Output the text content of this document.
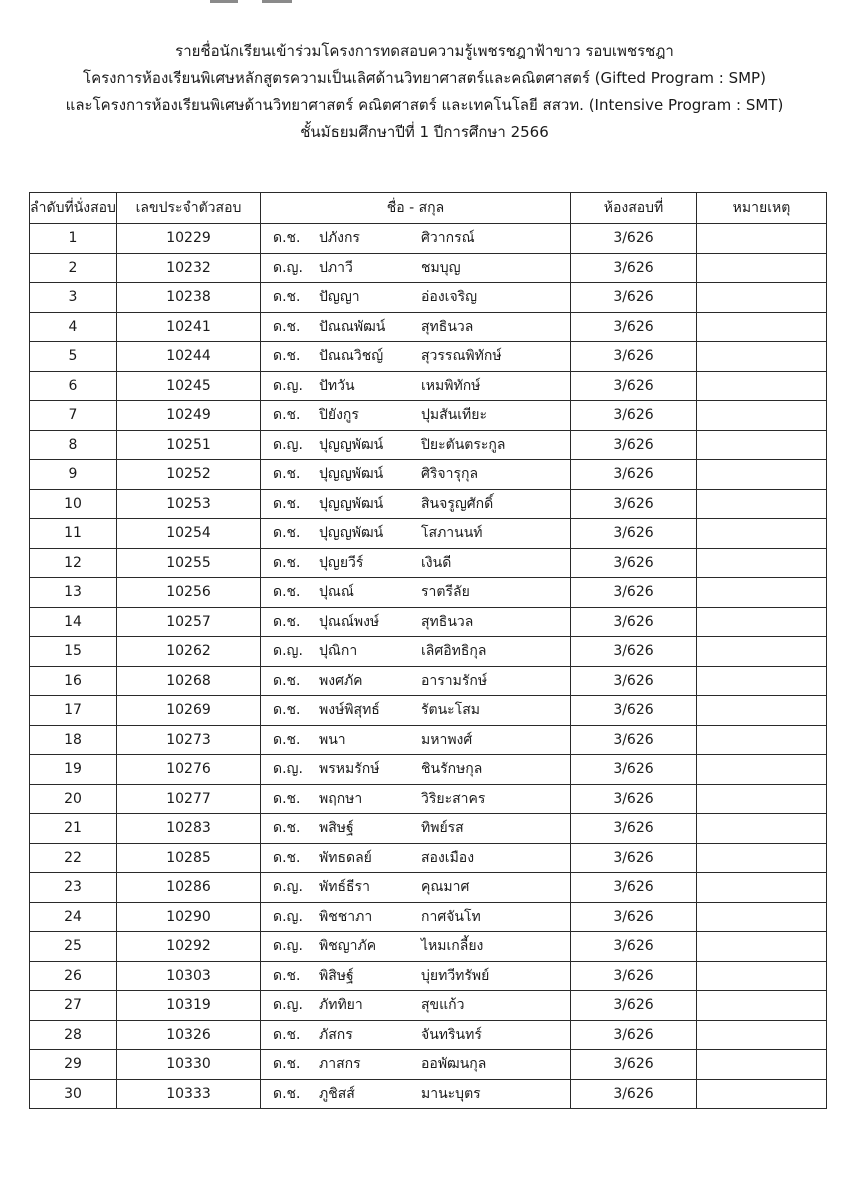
รายชื่อนักเรียนเข้าร่วมโครงการทดสอบความรู้เพชรชฎาฟ้าขาว รอบเพชรชฎา
โครงการห้องเรียนพิเศษหลักสูตรความเป็นเลิศด้านวิทยาศาสตร์และคณิตศาสตร์ (Gifted Program : SMP)
และโครงการห้องเรียนพิเศษด้านวิทยาศาสตร์ คณิตศาสตร์ และเทคโนโลยี สสวท. (Intensive Program : SMT)
ชั้นมัธยมศึกษาปีที่ 1 ปีการศึกษา 2566
ลำดับที่นั่งสอบ	เลขประจำตัวสอบ	ชื่อ - สกุล	ห้องสอบที่	หมายเหตุ
1	10229	ด.ช. ปภังกร ศิวากรณ์	3/626	
2	10232	ด.ญ. ปภาวี ชมบุญ	3/626	
3	10238	ด.ช. ปัญญา อ่องเจริญ	3/626	
4	10241	ด.ช. ปัณณพัฒน์ สุทธินวล	3/626	
5	10244	ด.ช. ปัณณวิชญ์ สุวรรณพิทักษ์	3/626	
6	10245	ด.ญ. ปัทวัน เหมพิทักษ์	3/626	
7	10249	ด.ช. ปิยังกูร ปุมสันเทียะ	3/626	
8	10251	ด.ญ. ปุญญพัฒน์ ปิยะตันตระกูล	3/626	
9	10252	ด.ช. ปุญญพัฒน์ ศิริจารุกุล	3/626	
10	10253	ด.ช. ปุญญพัฒน์ สินจรูญศักดิ์	3/626	
11	10254	ด.ช. ปุญญพัฒน์ โสภานนท์	3/626	
12	10255	ด.ช. ปุญยวีร์ เงินดี	3/626	
13	10256	ด.ช. ปุณณ์ ราตรีลัย	3/626	
14	10257	ด.ช. ปุณณ์พงษ์ สุทธินวล	3/626	
15	10262	ด.ญ. ปุณิกา เลิศอิทธิกุล	3/626	
16	10268	ด.ช. พงศภัค อารามรักษ์	3/626	
17	10269	ด.ช. พงษ์พิสุทธ์ รัตนะโสม	3/626	
18	10273	ด.ช. พนา มหาพงศ์	3/626	
19	10276	ด.ญ. พรหมรักษ์ ชินรักษกุล	3/626	
20	10277	ด.ช. พฤกษา วิริยะสาคร	3/626	
21	10283	ด.ช. พสิษฐ์ ทิพย์รส	3/626	
22	10285	ด.ช. พัทธดลย์ สองเมือง	3/626	
23	10286	ด.ญ. พัทธ์ธีรา คุณมาศ	3/626	
24	10290	ด.ญ. พิชชาภา กาศจันโท	3/626	
25	10292	ด.ญ. พิชญาภัค ไหมเกลี้ยง	3/626	
26	10303	ด.ช. พิสิษฐ์ บุ่ยทวีทรัพย์	3/626	
27	10319	ด.ญ. ภัททิยา สุขแก้ว	3/626	
28	10326	ด.ช. ภัสกร จันทรินทร์	3/626	
29	10330	ด.ช. ภาสกร ออพัฒนกุล	3/626	
30	10333	ด.ช. ภูชิสส์ มานะบุตร	3/626	
